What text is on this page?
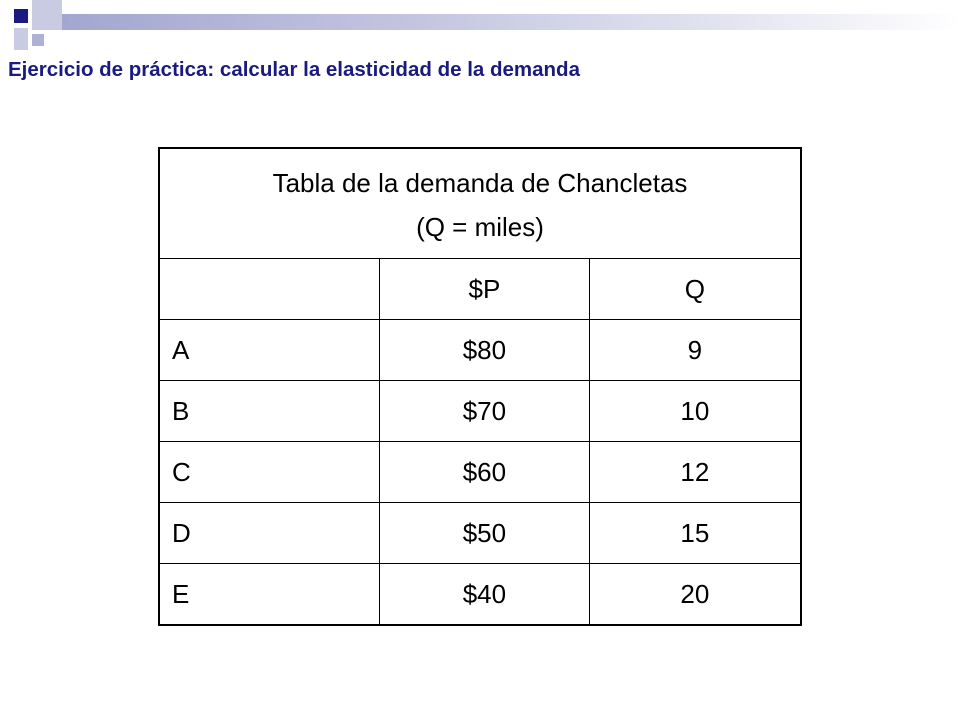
Ejercicio de práctica: calcular la elasticidad de la demanda
Tabla de la demanda de Chancletas
(Q = miles)		

	$P	Q
A	$80	9
B	$70	10
C	$60	12
D	$50	15
E	$40	20
